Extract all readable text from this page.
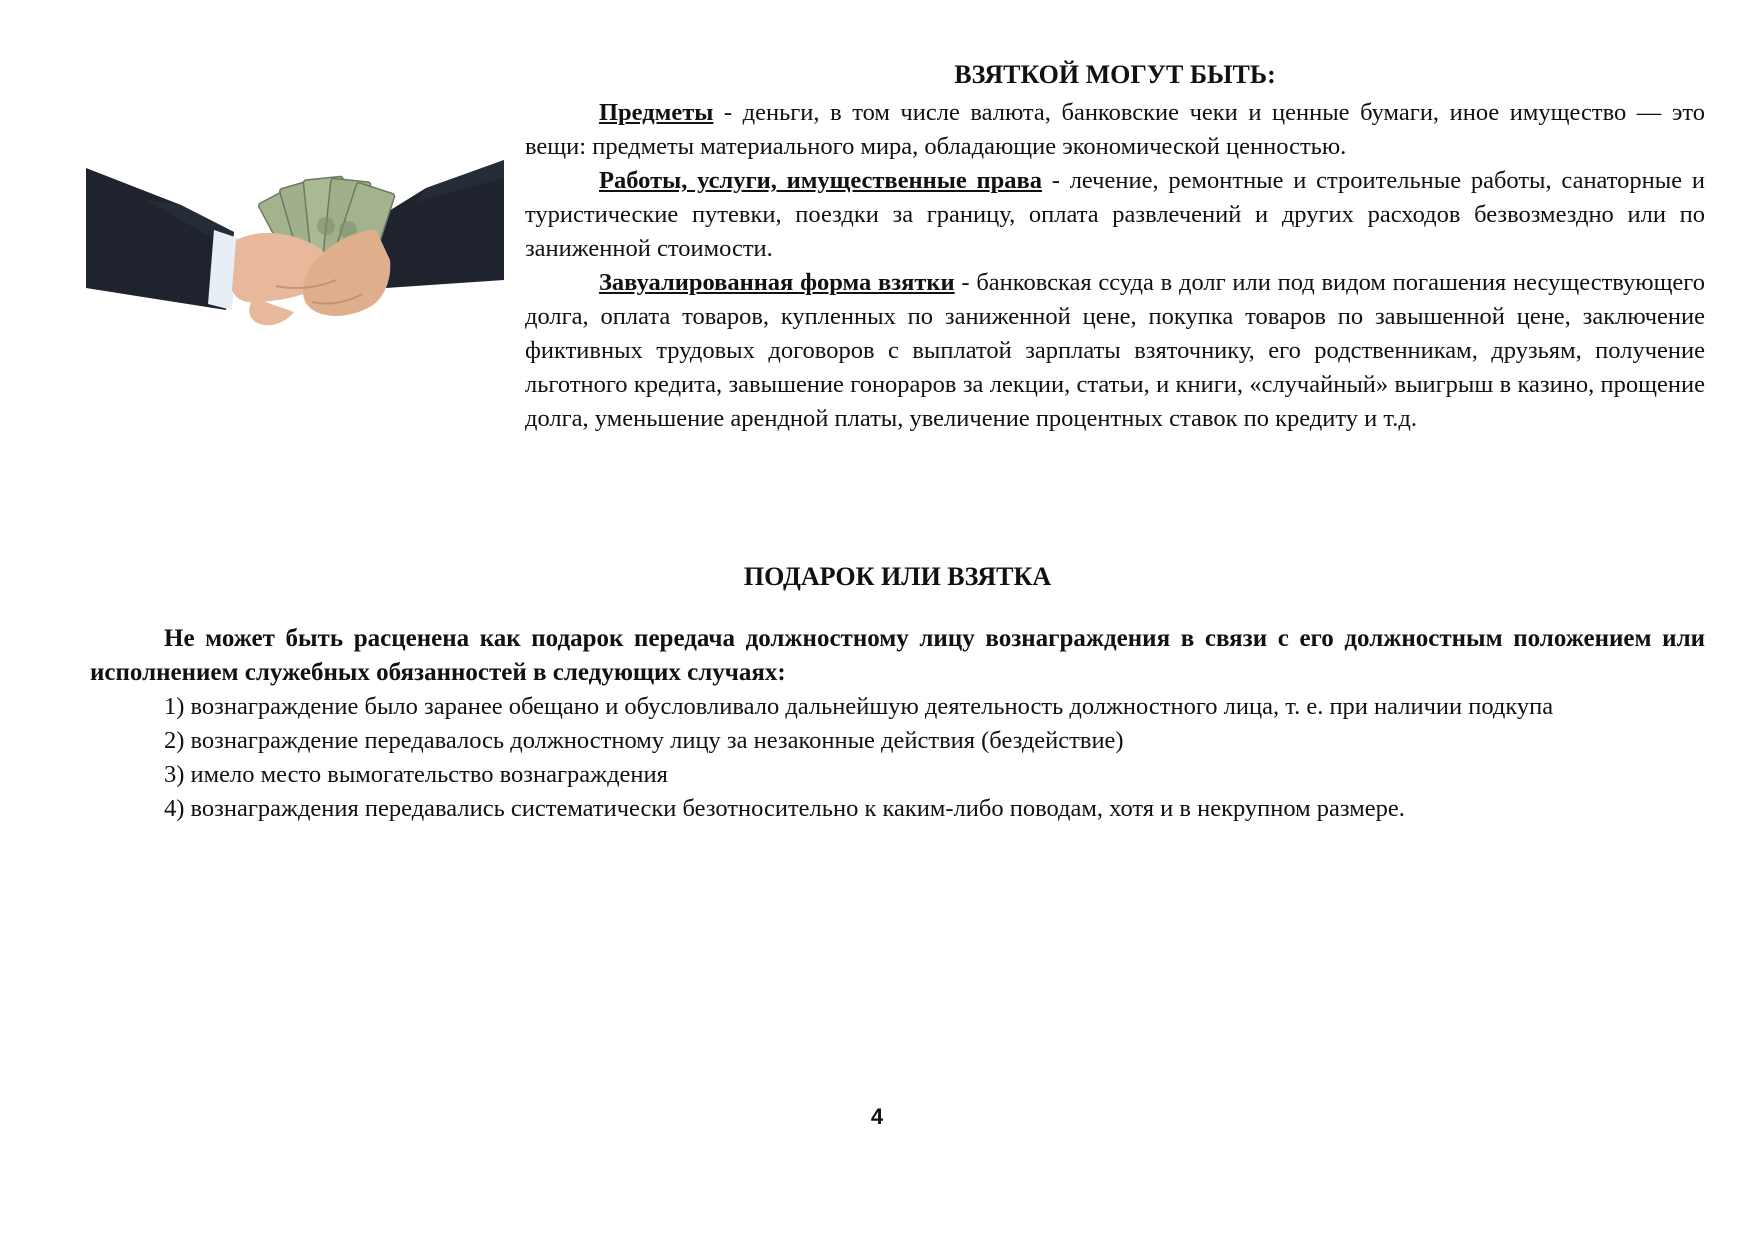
ВЗЯТКОЙ МОГУТ БЫТЬ:

Предметы - деньги, в том числе валюта, банковские чеки и ценные бумаги, иное имущество — это вещи: предметы материального мира, обладающие экономической ценностью.

Работы, услуги, имущественные права - лечение, ремонтные и строительные работы, санаторные и туристические путевки, поездки за границу, оплата развлечений и других расходов безвозмездно или по заниженной стоимости.

Завуалированная форма взятки - банковская ссуда в долг или под видом погашения несуществующего долга, оплата товаров, купленных по заниженной цене, покупка товаров по завышенной цене, заключение фиктивных трудовых договоров с выплатой зарплаты взяточнику, его родственникам, друзьям, получение льготного кредита, завышение гонораров за лекции, статьи, и книги, «случайный» выигрыш в казино, прощение долга, уменьшение арендной платы, увеличение процентных ставок по кредиту и т.д.

ПОДАРОК ИЛИ ВЗЯТКА

Не может быть расценена как подарок передача должностному лицу вознаграждения в связи с его должностным положением или исполнением служебных обязанностей в следующих случаях:

1) вознаграждение было заранее обещано и обусловливало дальнейшую деятельность должностного лица, т. е. при наличии подкупа

2) вознаграждение передавалось должностному лицу за незаконные действия (бездействие)

3) имело место вымогательство вознаграждения

4) вознаграждения передавались систематически безотносительно к каким-либо поводам, хотя и в некрупном размере.

4
